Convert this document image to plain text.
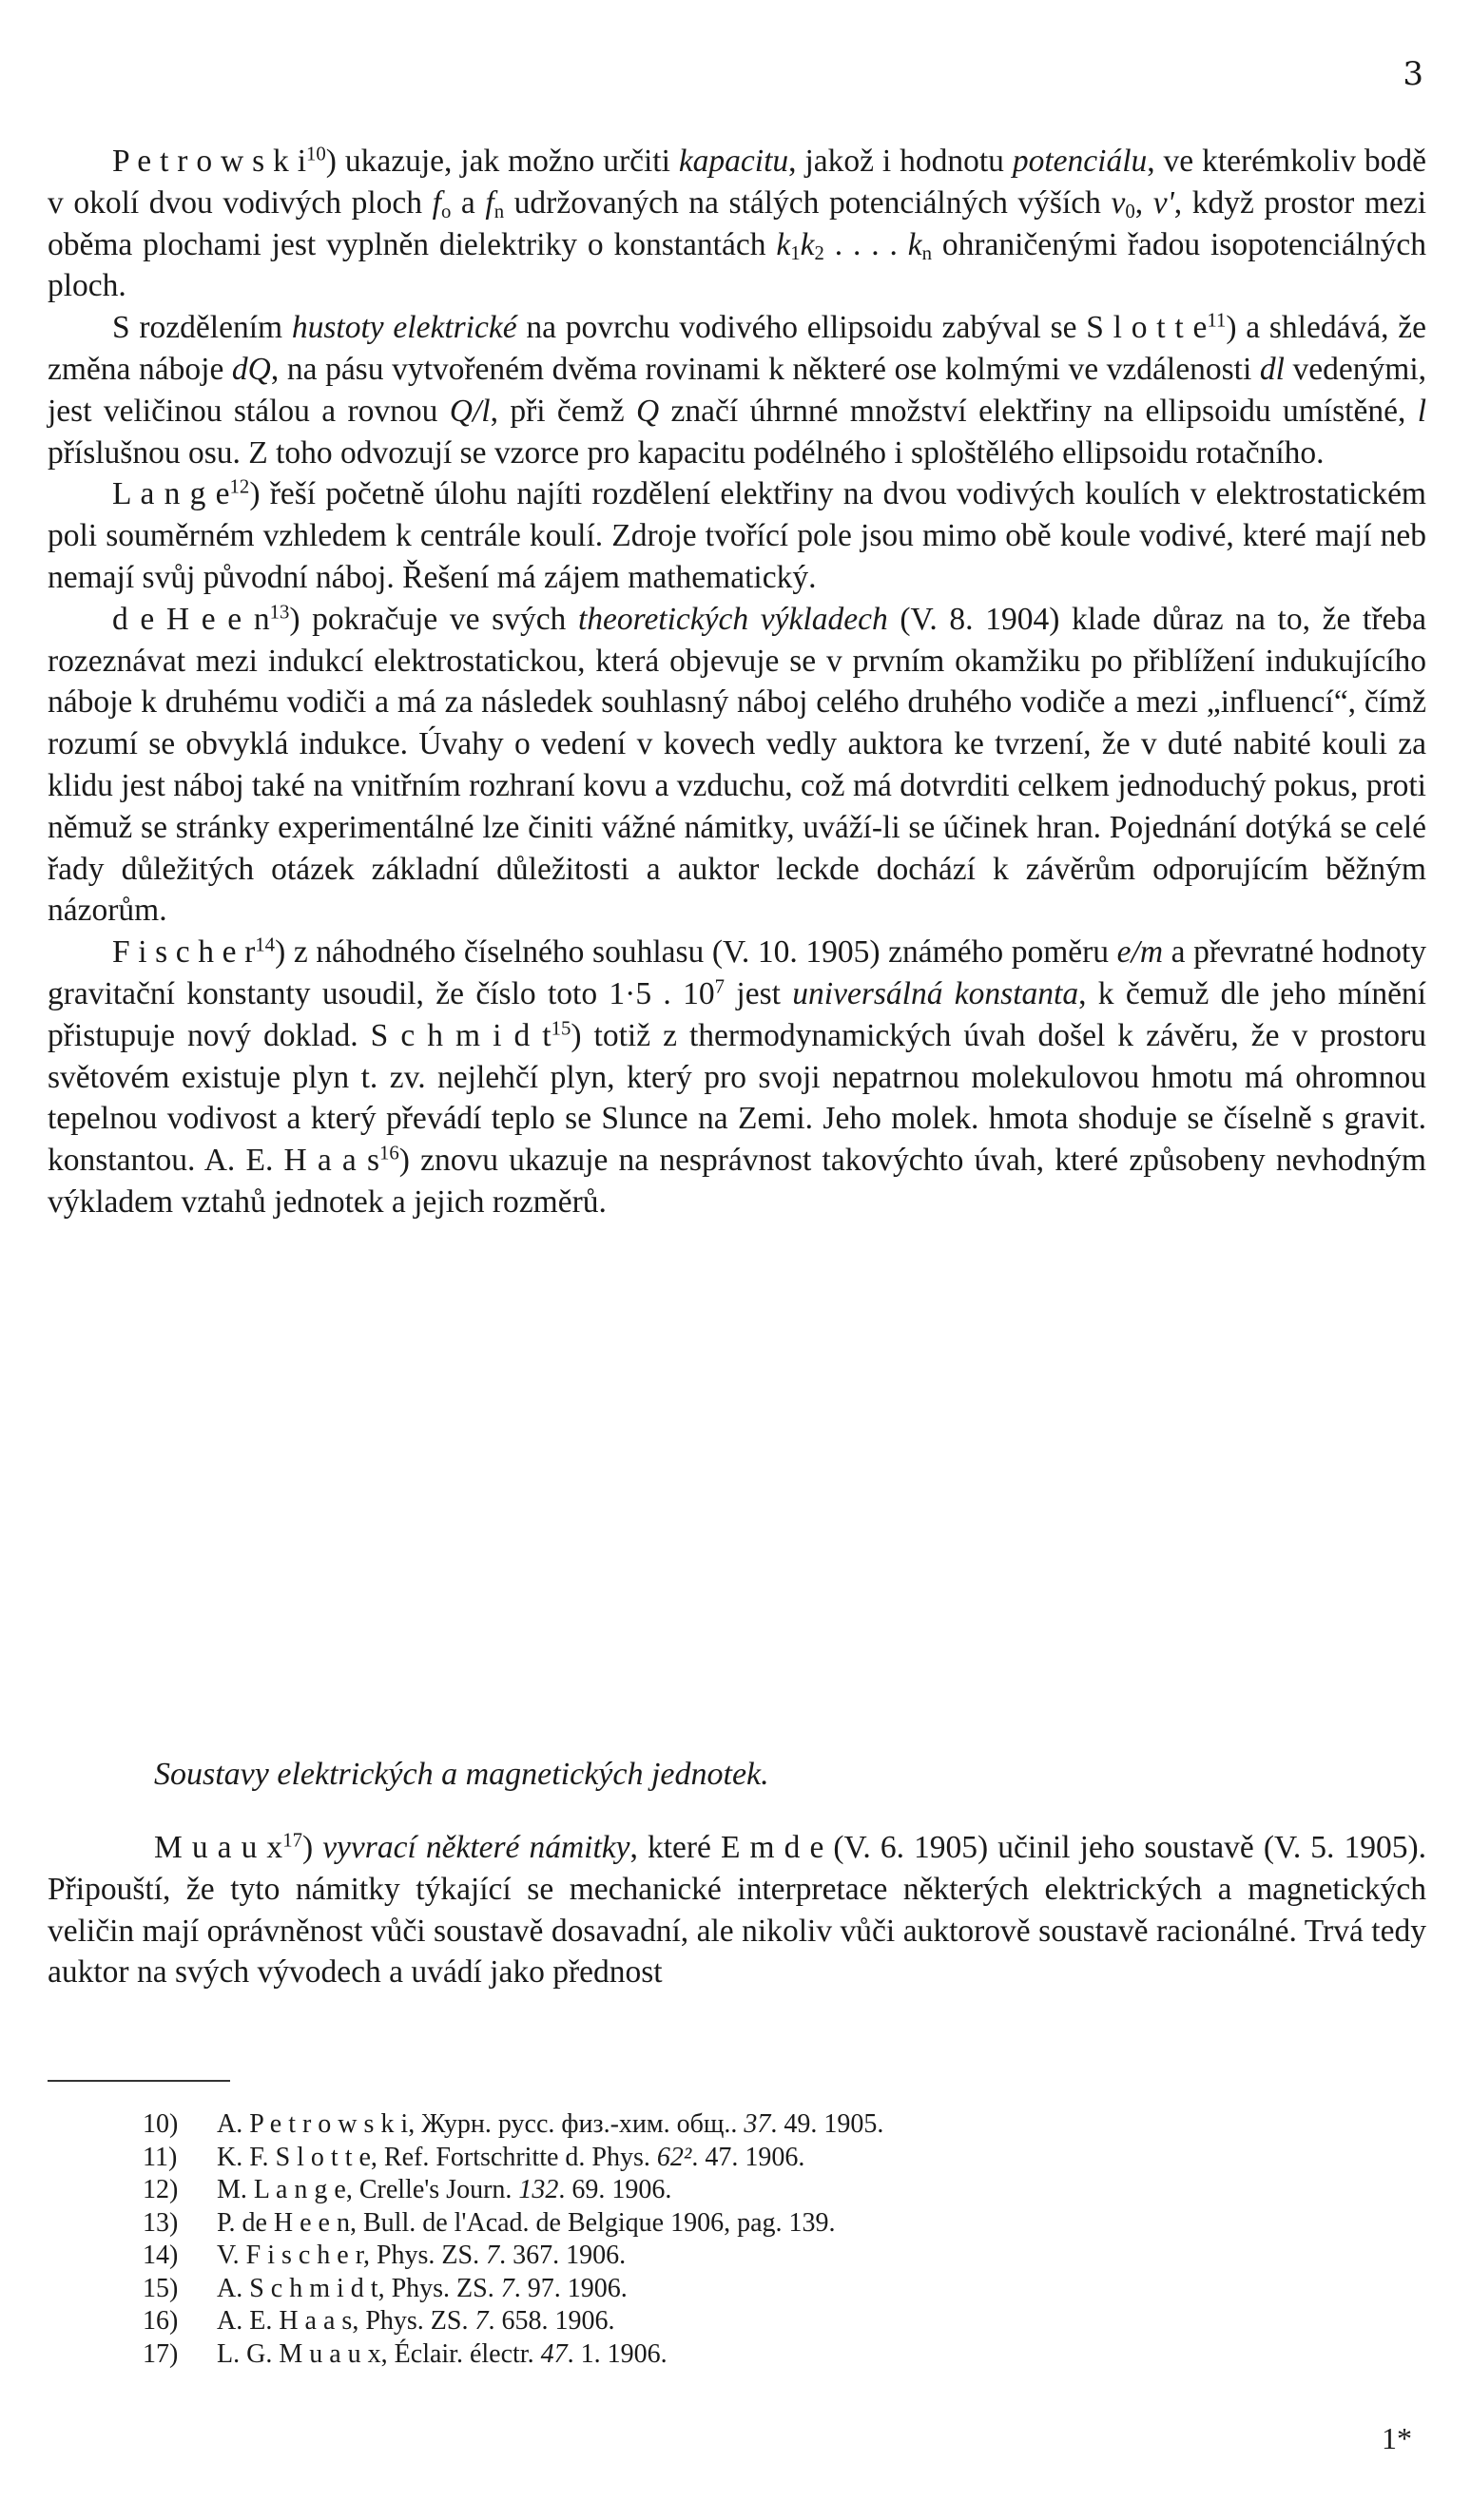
3

P e t r o w s k $i^{10}$) ukazuje, jak možno určiti kapacitu, jakož i hodnotu potenciálu, ve kterémkoliv bodě v okolí dvou vodivých ploch $f_o$ a $f_n$ udržovaných na stálých potenciálných výších $v_0$, v', když prostor mezi oběma plochami jest vyplněn dielektriky o konstantách $k_1k_2$ . . . . $k_n$ ohraničenými řadou isopotenciálných ploch.

S rozdělením hustoty elektrické na povrchu vodivého ellipsoidu zabýval se S l o t t $e^{11}$) a shledává, že změna náboje dQ, na pásu vytvořeném dvěma rovinami k některé ose kolmými ve vzdálenosti dl vedenými, jest veličinou stálou a rovnou Q/l, při čemž Q značí úhrnné množství elektřiny na ellipsoidu umístěné, l příslušnou osu. Z toho odvozují se vzorce pro kapacitu podélného i sploštělého ellipsoidu rotačního.

L a n g $e^{12}$) řeší početně úlohu najíti rozdělení elektřiny na dvou vodivých koulích v elektrostatickém poli souměrném vzhledem k centrále koulí. Zdroje tvořící pole jsou mimo obě koule vodivé, které mají neb nemají svůj původní náboj. Řešení má zájem mathematický.

d e H e e $n^{13}$) pokračuje ve svých theoretických výkladech (V. 8. 1904) klade důraz na to, že třeba rozeznávat mezi indukcí elektrostatickou, která objevuje se v prvním okamžiku po přiblížení indukujícího náboje k druhému vodiči a má za následek souhlasný náboj celého druhého vodiče a mezi „influencí“, čímž rozumí se obvyklá indukce. Úvahy o vedení v kovech vedly auktora ke tvrzení, že v duté nabité kouli za klidu jest náboj také na vnitřním rozhraní kovu a vzduchu, což má dotvrditi celkem jednoduchý pokus, proti němuž se stránky experimentálné lze činiti vážné námitky, uváží-li se účinek hran. Pojednání dotýká se celé řady důležitých otázek základní důležitosti a auktor leckde dochází k závěrům odporujícím běžným názorům.

F i s c h e $r^{14}$) z náhodného číselného souhlasu (V. 10. 1905) známého poměru e/m a převratné hodnoty gravitační konstanty usoudil, že číslo toto 1·5 . $10^7$ jest universálná konstanta, k čemuž dle jeho mínění přistupuje nový doklad. S c h m i d $t^{15}$) totiž z thermodynamických úvah došel k závěru, že v prostoru světovém existuje plyn t. zv. nejlehčí plyn, který pro svoji nepatrnou molekulovou hmotu má ohromnou tepelnou vodivost a který převádí teplo se Slunce na Zemi. Jeho molek. hmota shoduje se číselně s gravit. konstantou. A. E. H a a $s^{16}$) znovu ukazuje na nesprávnost takovýchto úvah, které způsobeny nevhodným výkladem vztahů jednotek a jejich rozměrů.

Soustavy elektrických a magnetických jednotek.

M u a u $x^{17}$) vyvrací některé námitky, které E m d e (V. 6. 1905) učinil jeho soustavě (V. 5. 1905). Připouští, že tyto námitky týkající se mechanické interpretace některých elektrických a magnetických veličin mají oprávněnost vůči soustavě dosavadní, ale nikoliv vůči auktorově soustavě racionálné. Trvá tedy auktor na svých vývodech a uvádí jako přednost

10) A. P e t r o w s k i, Журн. русс. физ.-хим. общ.. 37. 49. 1905.
11) K. F. S l o t t e, Ref. Fortschritte d. Phys. 62². 47. 1906.
12) M. L a n g e, Crelle's Journ. 132. 69. 1906.
13) P. de H e e n, Bull. de l'Acad. de Belgique 1906, pag. 139.
14) V. F i s c h e r, Phys. ZS. 7. 367. 1906.
15) A. S c h m i d t, Phys. ZS. 7. 97. 1906.
16) A. E. H a a s, Phys. ZS. 7. 658. 1906.
17) L. G. M u a u x, Éclair. électr. 47. 1. 1906.
1*
